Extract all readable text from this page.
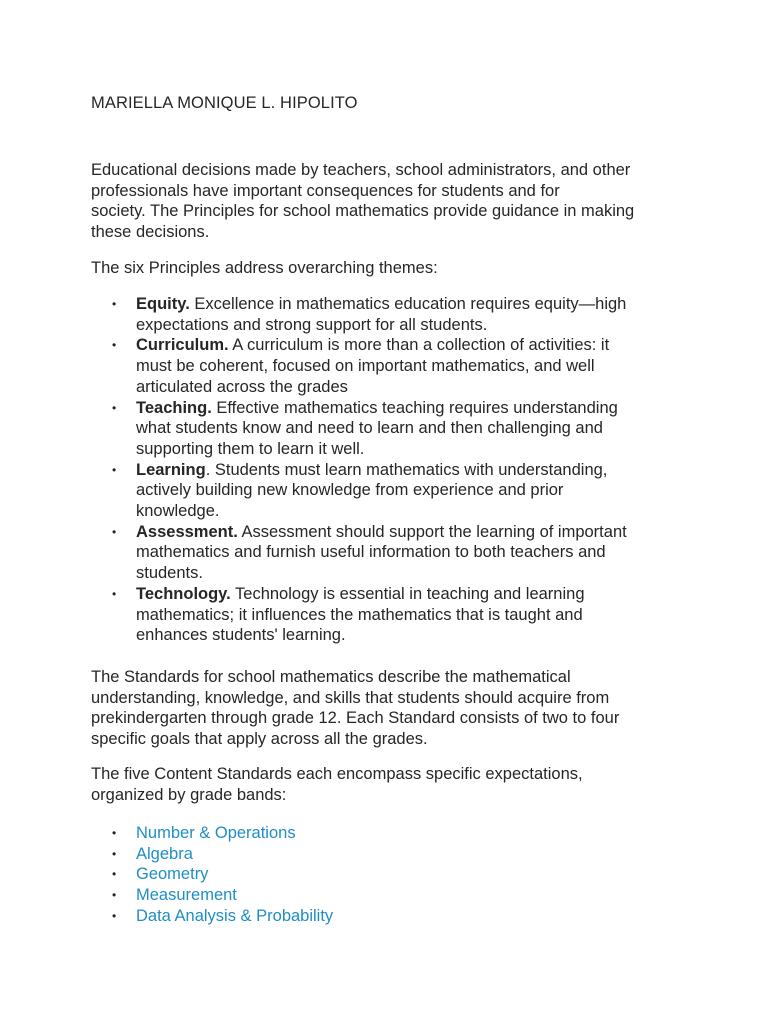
MARIELLA MONIQUE L. HIPOLITO

Educational decisions made by teachers, school administrators, and other
professionals have important consequences for students and for
society. The Principles for school mathematics provide guidance in making
these decisions.

The six Principles address overarching themes:

• Equity. Excellence in mathematics education requires equity—high
expectations and strong support for all students.
• Curriculum. A curriculum is more than a collection of activities: it
must be coherent, focused on important mathematics, and well
articulated across the grades
• Teaching. Effective mathematics teaching requires understanding
what students know and need to learn and then challenging and
supporting them to learn it well.
• Learning. Students must learn mathematics with understanding,
actively building new knowledge from experience and prior
knowledge.
• Assessment. Assessment should support the learning of important
mathematics and furnish useful information to both teachers and
students.
• Technology. Technology is essential in teaching and learning
mathematics; it influences the mathematics that is taught and
enhances students' learning.

The Standards for school mathematics describe the mathematical
understanding, knowledge, and skills that students should acquire from
prekindergarten through grade 12. Each Standard consists of two to four
specific goals that apply across all the grades.

The five Content Standards each encompass specific expectations,
organized by grade bands:

• Number & Operations
• Algebra
• Geometry
• Measurement
• Data Analysis & Probability
